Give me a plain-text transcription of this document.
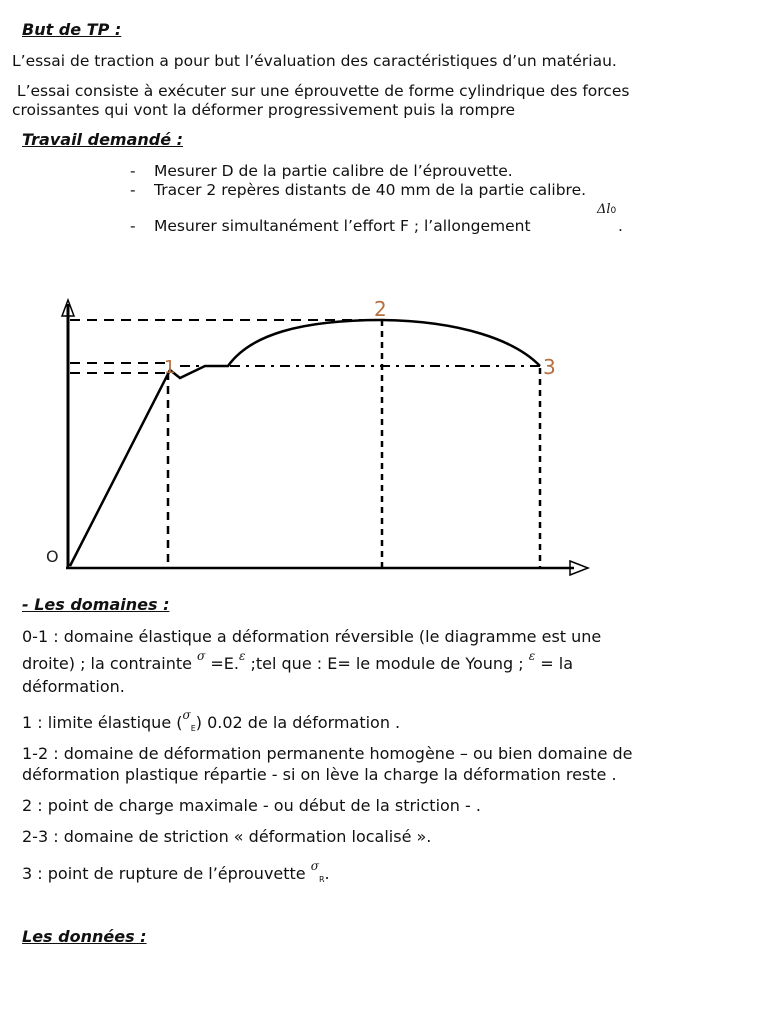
But de TP :
L’essai de traction a pour but l’évaluation des caractéristiques d’un matériau.
L’essai consiste à exécuter sur une éprouvette de forme cylindrique des forces
croissantes qui vont la déformer progressivement puis la rompre
Travail demandé :
- Mesurer D de la partie calibre de l’éprouvette.
- Tracer 2 repères distants de 40 mm de la partie calibre.
- Mesurer simultanément l’effort F ; l’allongement
Δl0
.
O
1
2
3
- Les domaines :
0-1 : domaine élastique a déformation réversible (le diagramme est une
droite) ; la contrainte $^\sigma$ =E.$^\varepsilon$ ;tel que : E= le module de Young ; $^\varepsilon$ = la
déformation.
1 : limite élastique ($^\sigma$E) 0.02 de la déformation .
1-2 : domaine de déformation permanente homogène – ou bien domaine de
déformation plastique répartie - si on lève la charge la déformation reste .
2 : point de charge maximale - ou début de la striction - .
2-3 : domaine de striction « déformation localisé ».
3 : point de rupture de l’éprouvette $^\sigma$R.
Les données :
